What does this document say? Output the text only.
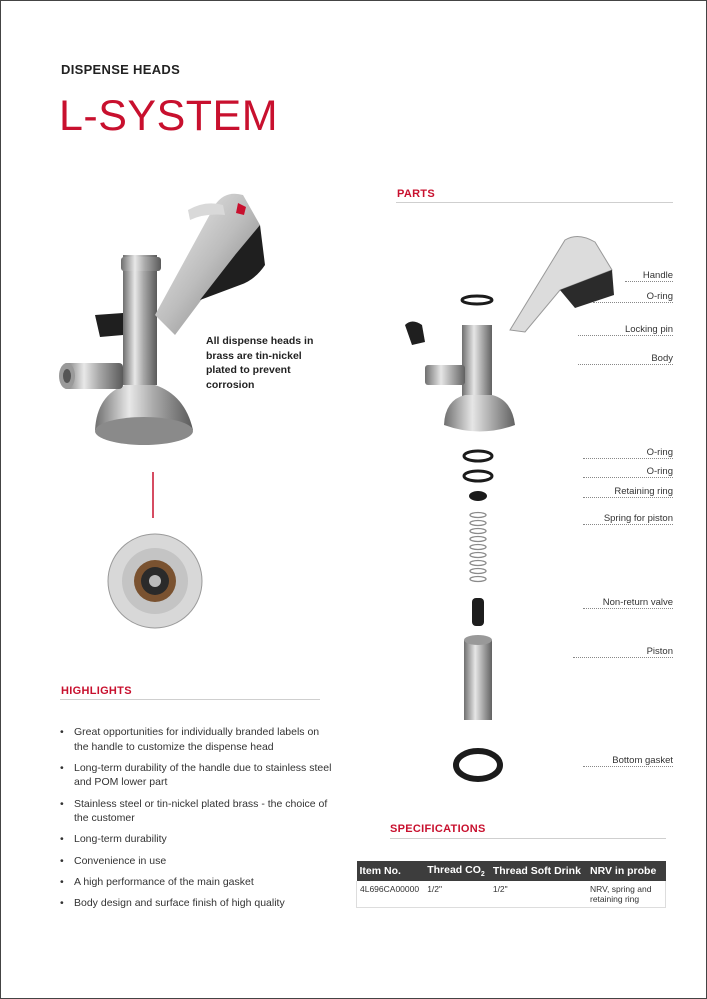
DISPENSE HEADS
L-SYSTEM
All dispense heads in brass are tin-nickel plated to prevent corrosion
HIGHLIGHTS
• Great opportunities for individually branded labels on the handle to customize the dispense head
• Long-term durability of the handle due to stainless steel and POM lower part
• Stainless steel or tin-nickel plated brass - the choice of the customer
• Long-term durability
• Convenience in use
• A high performance of the main gasket
• Body design and surface finish of high quality
PARTS
Handle
O-ring
Locking pin
Body
O-ring
O-ring
Retaining ring
Spring for piston
Non-return valve
Piston
Bottom gasket
SPECIFICATIONS
Item No.	Thread $CO_2$	Thread Soft Drink	NRV in probe
4L696CA00000	1/2"	1/2"	NRV, spring and retaining ring
